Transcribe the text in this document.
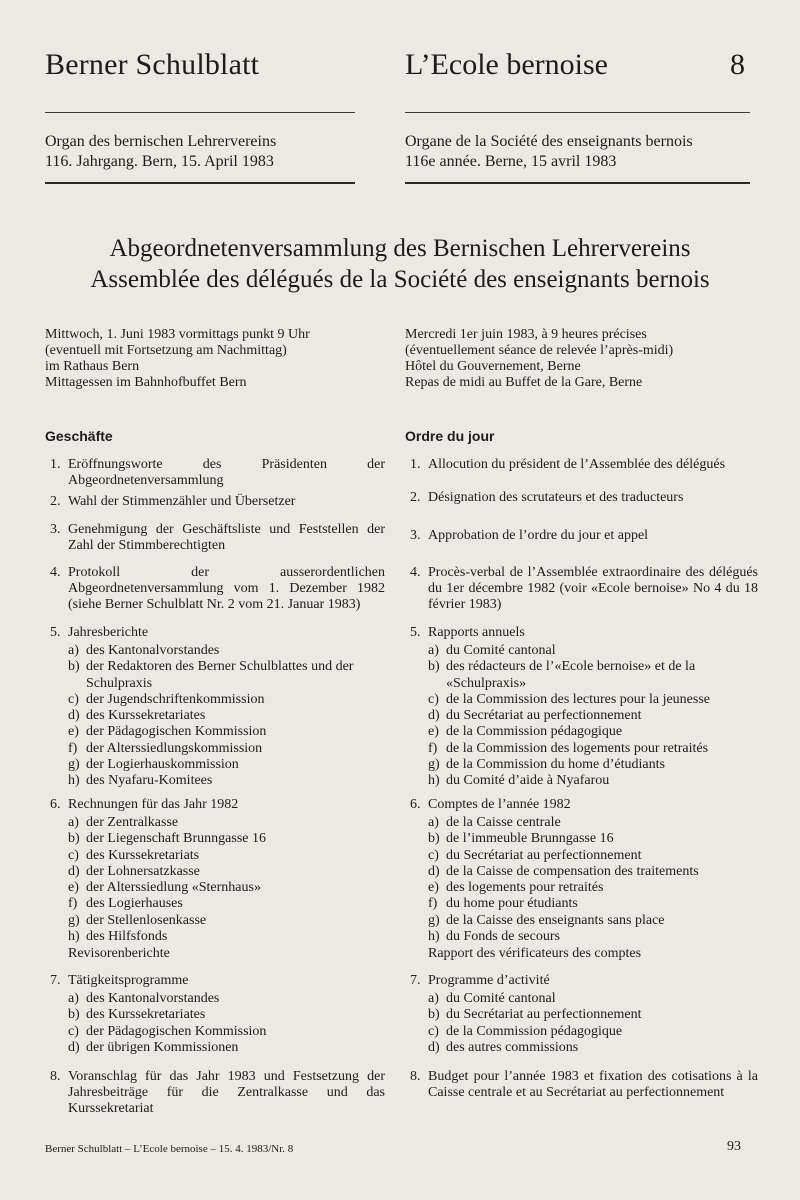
Berner Schulblatt	L’Ecole bernoise	8
Organ des bernischen Lehrervereins
116. Jahrgang. Bern, 15. April 1983
Organe de la Société des enseignants bernois
116e année. Berne, 15 avril 1983
Abgeordnetenversammlung des Bernischen Lehrervereins
Assemblée des délégués de la Société des enseignants bernois
Mittwoch, 1. Juni 1983 vormittags punkt 9 Uhr
(eventuell mit Fortsetzung am Nachmittag)
im Rathaus Bern
Mittagessen im Bahnhofbuffet Bern
Mercredi 1er juin 1983, à 9 heures précises
(éventuellement séance de relevée l’après-midi)
Hôtel du Gouvernement, Berne
Repas de midi au Buffet de la Gare, Berne
Geschäfte	Ordre du jour
1. Eröffnungsworte des Präsidenten der Abgeordnetenversammlung
2. Wahl der Stimmenzähler und Übersetzer
3. Genehmigung der Geschäftsliste und Feststellen der Zahl der Stimmberechtigten
4. Protokoll der ausserordentlichen Abgeordnetenversammlung vom 1. Dezember 1982 (siehe Berner Schulblatt Nr. 2 vom 21. Januar 1983)
5. Jahresberichte
a) des Kantonalvorstandes
b) der Redaktoren des Berner Schulblattes und der Schulpraxis
c) der Jugendschriftenkommission
d) des Kurssekretariates
e) der Pädagogischen Kommission
f) der Alterssiedlungskommission
g) der Logierhauskommission
h) des Nyafaru-Komitees
6. Rechnungen für das Jahr 1982
a) der Zentralkasse
b) der Liegenschaft Brunngasse 16
c) des Kurssekretariats
d) der Lohnersatzkasse
e) der Alterssiedlung «Sternhaus»
f) des Logierhauses
g) der Stellenlosenkasse
h) des Hilfsfonds
Revisorenberichte
7. Tätigkeitsprogramme
a) des Kantonalvorstandes
b) des Kurssekretariates
c) der Pädagogischen Kommission
d) der übrigen Kommissionen
8. Voranschlag für das Jahr 1983 und Festsetzung der Jahresbeiträge für die Zentralkasse und das Kurssekretariat
1. Allocution du président de l’Assemblée des délégués
2. Désignation des scrutateurs et des traducteurs
3. Approbation de l’ordre du jour et appel
4. Procès-verbal de l’Assemblée extraordinaire des délégués du 1er décembre 1982 (voir «Ecole bernoise» No 4 du 18 février 1983)
5. Rapports annuels
a) du Comité cantonal
b) des rédacteurs de l’«Ecole bernoise» et de la «Schulpraxis»
c) de la Commission des lectures pour la jeunesse
d) du Secrétariat au perfectionnement
e) de la Commission pédagogique
f) de la Commission des logements pour retraités
g) de la Commission du home d’étudiants
h) du Comité d’aide à Nyafarou
6. Comptes de l’année 1982
a) de la Caisse centrale
b) de l’immeuble Brunngasse 16
c) du Secrétariat au perfectionnement
d) de la Caisse de compensation des traitements
e) des logements pour retraités
f) du home pour étudiants
g) de la Caisse des enseignants sans place
h) du Fonds de secours
Rapport des vérificateurs des comptes
7. Programme d’activité
a) du Comité cantonal
b) du Secrétariat au perfectionnement
c) de la Commission pédagogique
d) des autres commissions
8. Budget pour l’année 1983 et fixation des cotisations à la Caisse centrale et au Secrétariat au perfectionnement
Berner Schulblatt – L’Ecole bernoise – 15. 4. 1983/Nr. 8	93
